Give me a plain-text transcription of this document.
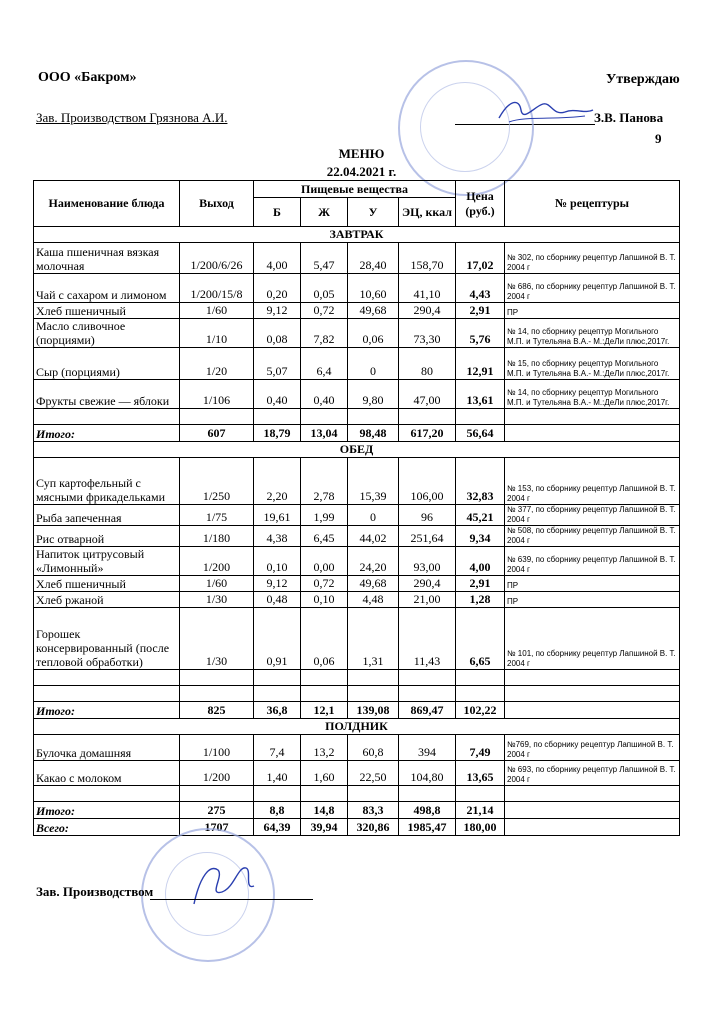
ООО «Бакром»	Утверждаю
Зав. Производством Грязнова А.И.	З.В. Панова
9
МЕНЮ
22.04.2021 г.
Наименование блюда	Выход	Пищевые вещества				Цена (руб.)	№ рецептуры
		Б	Ж	У	ЭЦ, ккал		
ЗАВТРАК							
Каша пшеничная вязкая молочная	1/200/6/26	4,00	5,47	28,40	158,70	17,02	№ 302, по сборнику рецептур Лапшиной В. Т. 2004 г
Чай с сахаром и лимоном	1/200/15/8	0,20	0,05	10,60	41,10	4,43	№ 686, по сборнику рецептур Лапшиной В. Т. 2004 г
Хлеб пшеничный	1/60	9,12	0,72	49,68	290,4	2,91	ПР
Масло сливочное (порциями)	1/10	0,08	7,82	0,06	73,30	5,76	№ 14, по сборнику рецептур Могильного М.П. и Тутельяна В.А.- М.:ДеЛи плюс,2017г.
Сыр (порциями)	1/20	5,07	6,4	0	80	12,91	№ 15, по сборнику рецептур Могильного М.П. и Тутельяна В.А.- М.:ДеЛи плюс,2017г.
Фрукты свежие — яблоки	1/106	0,40	0,40	9,80	47,00	13,61	№ 14, по сборнику рецептур Могильного М.П. и Тутельяна В.А.- М.:ДеЛи плюс,2017г.

Итого:	607	18,79	13,04	98,48	617,20	56,64	
ОБЕД							
Суп картофельный с мясными фрикадельками	1/250	2,20	2,78	15,39	106,00	32,83	№ 153, по сборнику рецептур Лапшиной В. Т. 2004 г
Рыба запеченная	1/75	19,61	1,99	0	96	45,21	№ 377, по сборнику рецептур Лапшиной В. Т. 2004 г
Рис отварной	1/180	4,38	6,45	44,02	251,64	9,34	№ 508, по сборнику рецептур Лапшиной В. Т. 2004 г
Напиток цитрусовый «Лимонный»	1/200	0,10	0,00	24,20	93,00	4,00	№ 639, по сборнику рецептур Лапшиной В. Т. 2004 г
Хлеб пшеничный	1/60	9,12	0,72	49,68	290,4	2,91	ПР
Хлеб ржаной	1/30	0,48	0,10	4,48	21,00	1,28	ПР
Горошек консервированный (после тепловой обработки)	1/30	0,91	0,06	1,31	11,43	6,65	№ 101, по сборнику рецептур Лапшиной В. Т. 2004 г

Итого:	825	36,8	12,1	139,08	869,47	102,22	
ПОЛДНИК							
Булочка домашняя	1/100	7,4	13,2	60,8	394	7,49	№769, по сборнику рецептур Лапшиной В. Т. 2004 г
Какао с молоком	1/200	1,40	1,60	22,50	104,80	13,65	№ 693, по сборнику рецептур Лапшиной В. Т. 2004 г

Итого:	275	8,8	14,8	83,3	498,8	21,14	
Всего:	1707	64,39	39,94	320,86	1985,47	180,00	
Зав. Производством
